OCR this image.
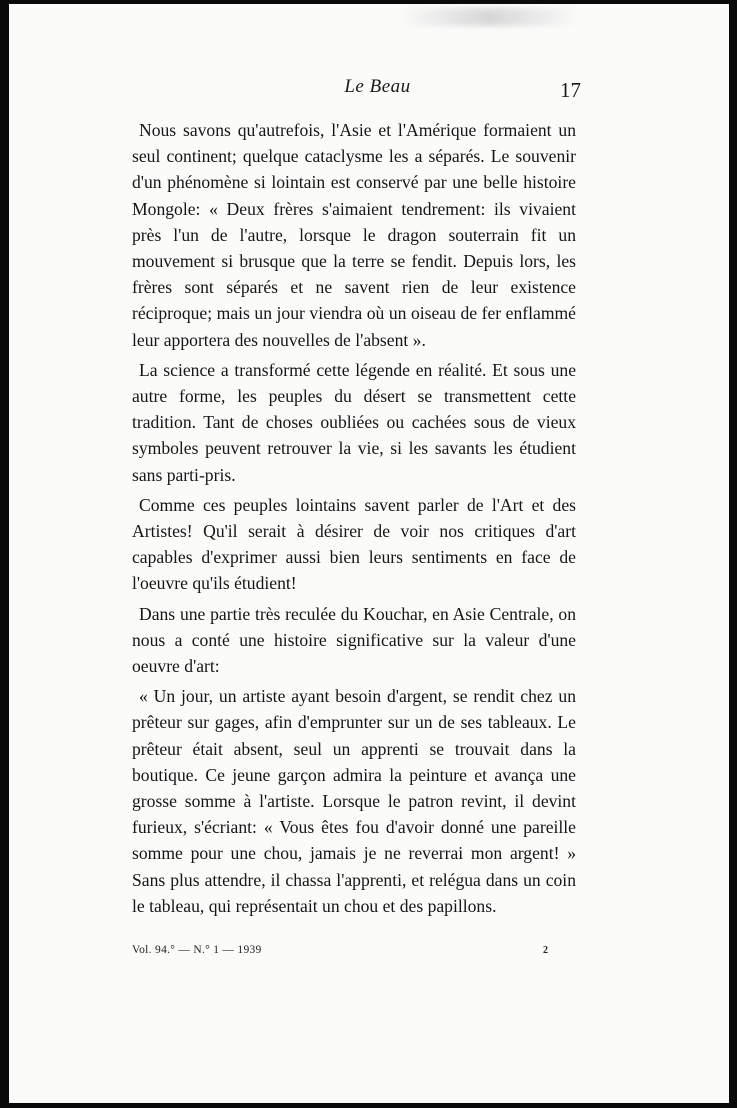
Le Beau	17

Nous savons qu'autrefois, l'Asie et l'Amérique formaient un seul continent; quelque cataclysme les a séparés. Le souvenir d'un phénomène si lointain est conservé par une belle histoire Mongole: « Deux frères s'aimaient tendrement: ils vivaient près l'un de l'autre, lorsque le dragon souterrain fit un mouvement si brusque que la terre se fendit. Depuis lors, les frères sont séparés et ne savent rien de leur existence réciproque; mais un jour viendra où un oiseau de fer enflammé leur apportera des nouvelles de l'absent ».

La science a transformé cette légende en réalité. Et sous une autre forme, les peuples du désert se transmettent cette tradition. Tant de choses oubliées ou cachées sous de vieux symboles peuvent retrouver la vie, si les savants les étudient sans parti-pris.

Comme ces peuples lointains savent parler de l'Art et des Artistes! Qu'il serait à désirer de voir nos critiques d'art capables d'exprimer aussi bien leurs sentiments en face de l'oeuvre qu'ils étudient!

Dans une partie très reculée du Kouchar, en Asie Centrale, on nous a conté une histoire significative sur la valeur d'une oeuvre d'art:

« Un jour, un artiste ayant besoin d'argent, se rendit chez un prêteur sur gages, afin d'emprunter sur un de ses tableaux. Le prêteur était absent, seul un apprenti se trouvait dans la boutique. Ce jeune garçon admira la peinture et avança une grosse somme à l'artiste. Lorsque le patron revint, il devint furieux, s'écriant: « Vous êtes fou d'avoir donné une pareille somme pour une chou, jamais je ne reverrai mon argent! » Sans plus attendre, il chassa l'apprenti, et relégua dans un coin le tableau, qui représentait un chou et des papillons.

Vol. 94.° — N.° 1 — 1939	2
